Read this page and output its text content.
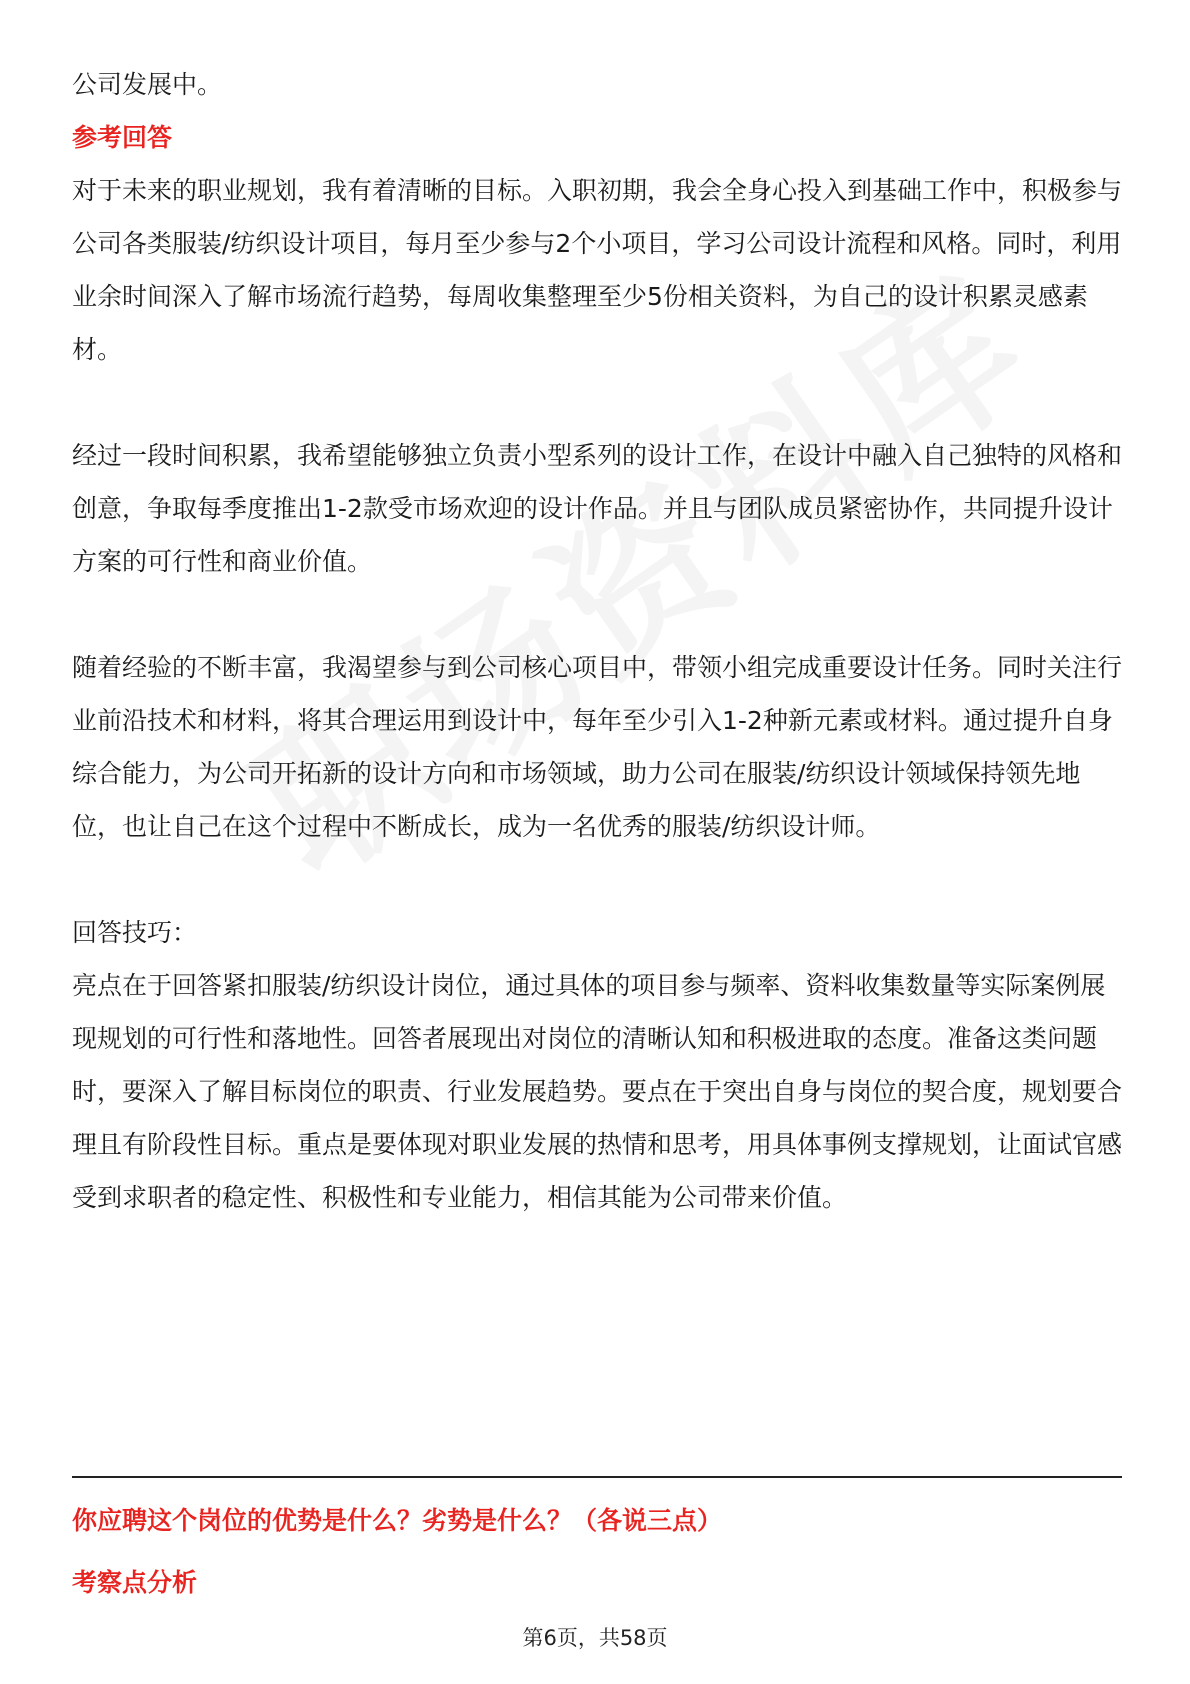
公司发展中。

参考回答

对于未来的职业规划，我有着清晰的目标。入职初期，我会全身心投入到基础工作中，积极参与公司各类服装/纺织设计项目，每月至少参与2个小项目，学习公司设计流程和风格。同时，利用业余时间深入了解市场流行趋势，每周收集整理至少5份相关资料，为自己的设计积累灵感素材。

经过一段时间积累，我希望能够独立负责小型系列的设计工作，在设计中融入自己独特的风格和创意，争取每季度推出1-2款受市场欢迎的设计作品。并且与团队成员紧密协作，共同提升设计方案的可行性和商业价值。

随着经验的不断丰富，我渴望参与到公司核心项目中，带领小组完成重要设计任务。同时关注行业前沿技术和材料，将其合理运用到设计中，每年至少引入1-2种新元素或材料。通过提升自身综合能力，为公司开拓新的设计方向和市场领域，助力公司在服装/纺织设计领域保持领先地位，也让自己在这个过程中不断成长，成为一名优秀的服装/纺织设计师。

回答技巧：

亮点在于回答紧扣服装/纺织设计岗位，通过具体的项目参与频率、资料收集数量等实际案例展现规划的可行性和落地性。回答者展现出对岗位的清晰认知和积极进取的态度。准备这类问题时，要深入了解目标岗位的职责、行业发展趋势。要点在于突出自身与岗位的契合度，规划要合理且有阶段性目标。重点是要体现对职业发展的热情和思考，用具体事例支撑规划，让面试官感受到求职者的稳定性、积极性和专业能力，相信其能为公司带来价值。

你应聘这个岗位的优势是什么？劣势是什么？（各说三点）

考察点分析

第6页，共58页
